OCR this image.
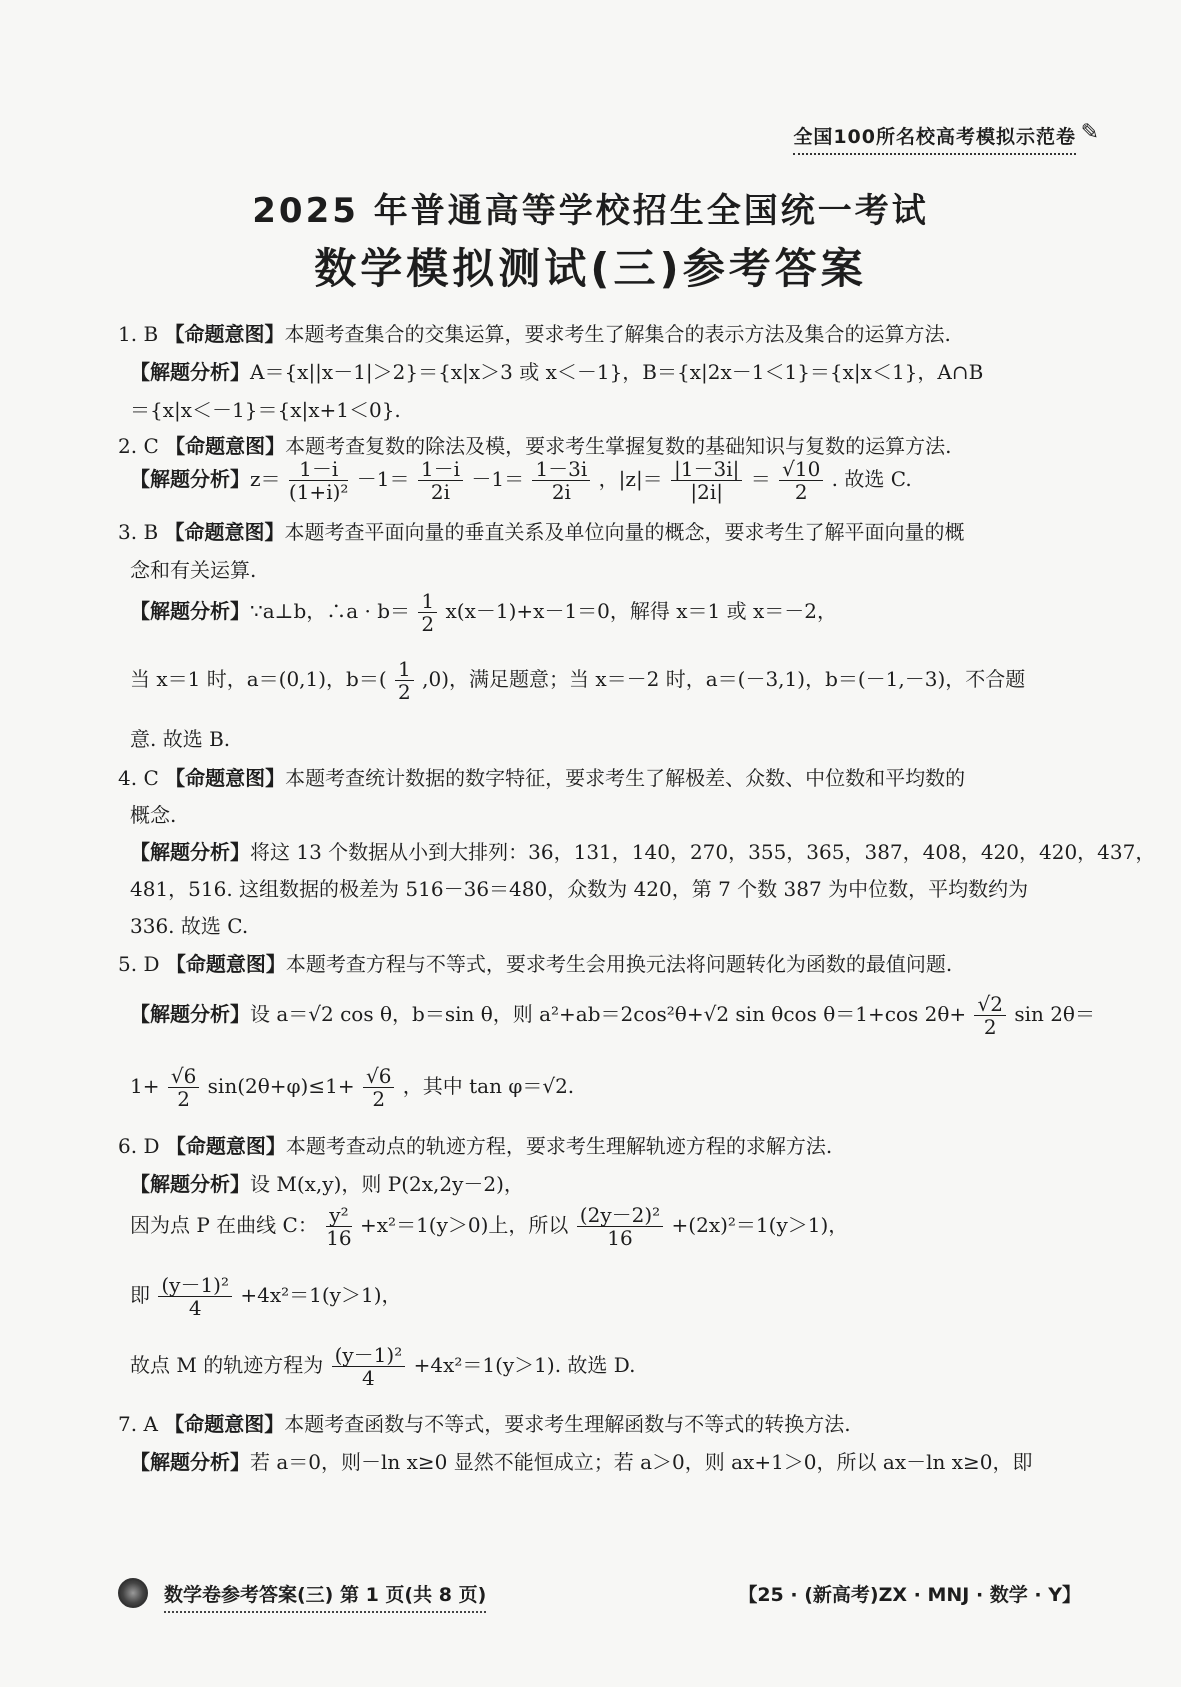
全国100所名校高考模拟示范卷 ✎
2025 年普通高等学校招生全国统一考试
数学模拟测试(三)参考答案
1. B 【命题意图】本题考查集合的交集运算，要求考生了解集合的表示方法及集合的运算方法.
【解题分析】A＝{x||x－1|＞2}＝{x|x＞3 或 x＜－1}，B＝{x|2x－1＜1}＝{x|x＜1}，A∩B
＝{x|x＜－1}＝{x|x+1＜0}.
2. C 【命题意图】本题考查复数的除法及模，要求考生掌握复数的基础知识与复数的运算方法.
【解题分析】$z= \frac{1-i}{\text{(1+i)²}} -1= \frac{1-i}{2i} -1= \frac{1-3i}{2i}$ ，$|z|= \frac{|1-3i|}{|2i|} = \frac{√10}{2}$ . 故选 C.
3. B 【命题意图】本题考查平面向量的垂直关系及单位向量的概念，要求考生了解平面向量的概
念和有关运算.
【解题分析】∵a⊥b，∴a · $b= \frac{1}{2} x(x-1)+x-1=0$，解得 x＝1 或 x＝－2，
当 x＝1 时，a＝(0,1)，$b=( \frac{1}{2} ,0)$，满足题意；当 x＝－2 时，a＝(－3,1)，b＝(－1,－3)，不合题
意. 故选 B.
4. C 【命题意图】本题考查统计数据的数字特征，要求考生了解极差、众数、中位数和平均数的
概念.
【解题分析】将这 13 个数据从小到大排列：36，131，140，270，355，365，387，408，420，420，437，
481，516. 这组数据的极差为 516－36＝480，众数为 420，第 7 个数 387 为中位数，平均数约为
336. 故选 C.
5. D 【命题意图】本题考查方程与不等式，要求考生会用换元法将问题转化为函数的最值问题.
【解题分析】设 a＝√2 cos θ，b＝sin θ，则 a²+ab＝2cos²θ+√2 sin θcos θ＝1+cos $2\theta+ \frac{√2}{2}$ sin 2θ＝
$1+ \frac{√6}{2} \sin(2\theta+\varphi)\le 1+ \frac{√6}{2}$ ，其中 tan φ＝√2.
6. D 【命题意图】本题考查动点的轨迹方程，要求考生理解轨迹方程的求解方法.
【解题分析】设 M(x,y)，则 P(2x,2y－2)，
因为点 P 在曲线 C： $\frac{\text{y²}}{16} +x^2=1(y>0)$上，所以 $\frac{\text{(2y－2)²}}{16} +(2x)^2=1(y>1)$，
即 $\frac{\text{(y－1)²}}{4} +4x^2=1(y>1)$，
故点 M 的轨迹方程为 $\frac{\text{(y－1)²}}{4} +4x^2=1(y>1)$. 故选 D.
7. A 【命题意图】本题考查函数与不等式，要求考生理解函数与不等式的转换方法.
【解题分析】若 a＝0，则－ln x≥0 显然不能恒成立；若 a＞0，则 ax+1＞0，所以 ax－ln x≥0，即
数学卷参考答案(三) 第 1 页(共 8 页)	【25 · (新高考)ZX · MNJ · 数学 · Y】
